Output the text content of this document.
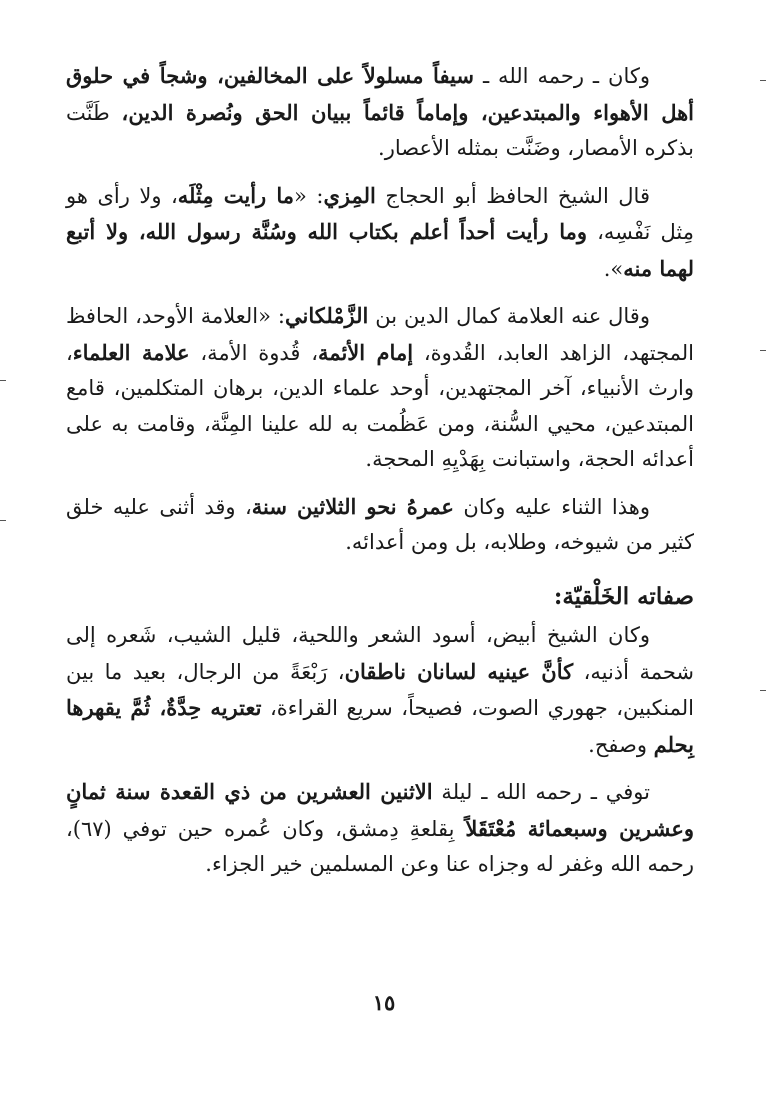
وكان ـ رحمه الله ـ سيفاً مسلولاً على المخالفين، وشجاً في حلوق أهل الأهواء والمبتدعين، وإماماً قائماً ببيان الحق ونُصرة الدين، طَنَّت بذكره الأمصار، وضَنَّت بمثله الأعصار.

قال الشيخ الحافظ أبو الحجاج المِزي: «ما رأيت مِثْلَه، ولا رأى هو مِثل نَفْسِه، وما رأيت أحداً أعلم بكتاب الله وسُنَّة رسول الله، ولا أتبع لهما منه».

وقال عنه العلامة كمال الدين بن الزَّمْلكاني: «العلامة الأوحد، الحافظ المجتهد، الزاهد العابد، القُدوة، إمام الأئمة، قُدوة الأمة، علامة العلماء، وارث الأنبياء، آخر المجتهدين، أوحد علماء الدين، برهان المتكلمين، قامع المبتدعين، محيي السُّنة، ومن عَظُمت به لله علينا المِنَّة، وقامت به على أعدائه الحجة، واستبانت بِهَدْيِهِ المحجة.

وهذا الثناء عليه وكان عمرهُ نحو الثلاثين سنة، وقد أثنى عليه خلق كثير من شيوخه، وطلابه، بل ومن أعدائه.

صفاته الخَلْقيّة:

وكان الشيخ أبيض، أسود الشعر واللحية، قليل الشيب، شَعره إلى شحمة أذنيه، كأنَّ عينيه لسانان ناطقان، رَبْعَةً من الرجال، بعيد ما بين المنكبين، جهوري الصوت، فصيحاً، سريع القراءة، تعتريه حِدَّةٌ، ثُمَّ يقهرها بِحلم وصفح.

توفي ـ رحمه الله ـ ليلة الاثنين العشرين من ذي القعدة سنة ثمانٍ وعشرين وسبعمائة مُعْتَقَلاً بِقلعةِ دِمشق، وكان عُمره حين توفي (٦٧)، رحمه الله وغفر له وجزاه عنا وعن المسلمين خير الجزاء.

١٥
